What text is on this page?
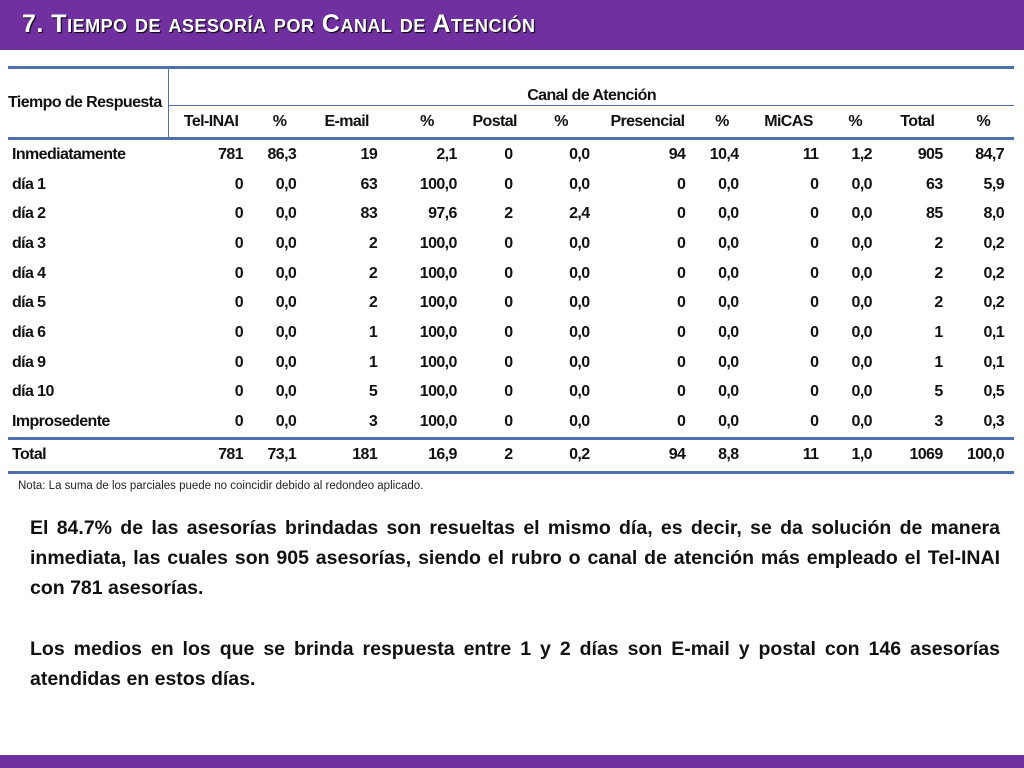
7. Tiempo de asesoría por Canal de Atención
Tiempo de Respuesta	Canal de Atención											
	Tel-INAI	%	E-mail	%	Postal	%	Presencial	%	MiCAS	%	Total	%
Inmediatamente	781	86,3	19	2,1	0	0,0	94	10,4	11	1,2	905	84,7
día 1	0	0,0	63	100,0	0	0,0	0	0,0	0	0,0	63	5,9
día 2	0	0,0	83	97,6	2	2,4	0	0,0	0	0,0	85	8,0
día 3	0	0,0	2	100,0	0	0,0	0	0,0	0	0,0	2	0,2
día 4	0	0,0	2	100,0	0	0,0	0	0,0	0	0,0	2	0,2
día 5	0	0,0	2	100,0	0	0,0	0	0,0	0	0,0	2	0,2
día 6	0	0,0	1	100,0	0	0,0	0	0,0	0	0,0	1	0,1
día 9	0	0,0	1	100,0	0	0,0	0	0,0	0	0,0	1	0,1
día 10	0	0,0	5	100,0	0	0,0	0	0,0	0	0,0	5	0,5
Improsedente	0	0,0	3	100,0	0	0,0	0	0,0	0	0,0	3	0,3
Total	781	73,1	181	16,9	2	0,2	94	8,8	11	1,0	1069	100,0
Nota: La suma de los parciales puede no coincidir debido al redondeo aplicado.
El 84.7% de las asesorías brindadas son resueltas el mismo día, es decir, se da solución de manera inmediata, las cuales son 905 asesorías, siendo el rubro o canal de atención más empleado el Tel-INAI con 781 asesorías.
Los medios en los que se brinda respuesta entre 1 y 2 días son E-mail y postal con 146 asesorías atendidas en estos días.
